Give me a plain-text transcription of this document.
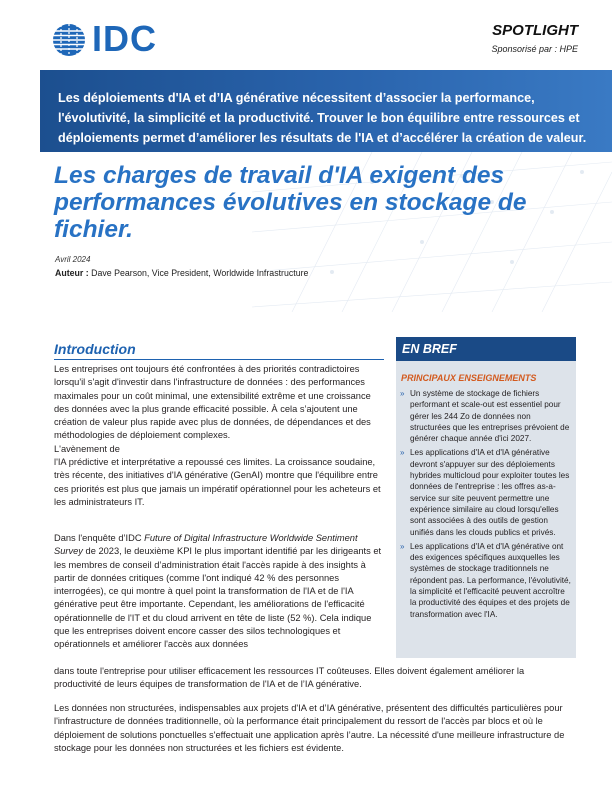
IDC	SPOTLIGHT
Sponsorisé par : HPE
Les déploiements d'IA et d’IA générative nécessitent d’associer la performance, l'évolutivité, la simplicité et la productivité. Trouver le bon équilibre entre ressources et déploiements permet d’améliorer les résultats de l'IA et d’accélérer la création de valeur.
Les charges de travail d'IA exigent des performances évolutives en stockage de fichier.
Avril 2024
Auteur : Dave Pearson, Vice President, Worldwide Infrastructure
Introduction
Les entreprises ont toujours été confrontées à des priorités contradictoires lorsqu'il s'agit d'investir dans l'infrastructure de données : des performances maximales pour un coût minimal, une extensibilité extrême et une croissance des données avec la plus grande efficacité possible. À cela s’ajoutent une création de valeur plus rapide avec plus de données, de dépendances et des méthodologies de déploiement complexes.
L'avènement de
l'IA prédictive et interprétative a repoussé ces limites. La croissance soudaine, très récente, des initiatives d'IA générative (GenAI) montre que l'équilibre entre ces priorités est plus que jamais un impératif opérationnel pour les acheteurs et les administrateurs IT.
Dans l'enquête d’IDC Future of Digital Infrastructure Worldwide Sentiment Survey de 2023, le deuxième KPI le plus important identifié par les dirigeants et les membres de conseil d’administration était l'accès rapide à des insights à partir de données critiques (comme l'ont indiqué 42 % des personnes interrogées), ce qui montre à quel point la transformation de l'IA et de l'IA générative peut être importante. Cependant, les améliorations de l'efficacité opérationnelle de l'IT et du cloud arrivent en tête de liste (52 %). Cela indique que les entreprises doivent encore casser des silos technologiques et opérationnels et améliorer l'accès aux données
dans toute l'entreprise pour utiliser efficacement les ressources IT coûteuses. Elles doivent également améliorer la productivité de leurs équipes de transformation de l'IA et de l’IA générative.
Les données non structurées, indispensables aux projets d'IA et d’IA générative, présentent des difficultés particulières pour l'infrastructure de données traditionnelle, où la performance était principalement du ressort de l'accès par blocs et où le déploiement de solutions ponctuelles s'effectuait une application après l’autre. La nécessité d'une meilleure infrastructure de stockage pour les données non structurées et les fichiers est évidente.
EN BREF
PRINCIPAUX ENSEIGNEMENTS
» Un système de stockage de fichiers performant et scale-out est essentiel pour gérer les 244 Zo de données non structurées que les entreprises prévoient de générer chaque année d'ici 2027.
» Les applications d'IA et d'IA générative devront s'appuyer sur des déploiements hybrides multicloud pour exploiter toutes les données de l'entreprise : les offres as-a-service sur site peuvent permettre une expérience similaire au cloud lorsqu'elles sont associées à des outils de gestion unifiés dans les clouds publics et privés.
» Les applications d'IA et d'IA générative ont des exigences spécifiques auxquelles les systèmes de stockage traditionnels ne répondent pas. La performance, l'évolutivité, la simplicité et l'efficacité peuvent accroître la productivité des équipes et des projets de transformation avec l'IA.
